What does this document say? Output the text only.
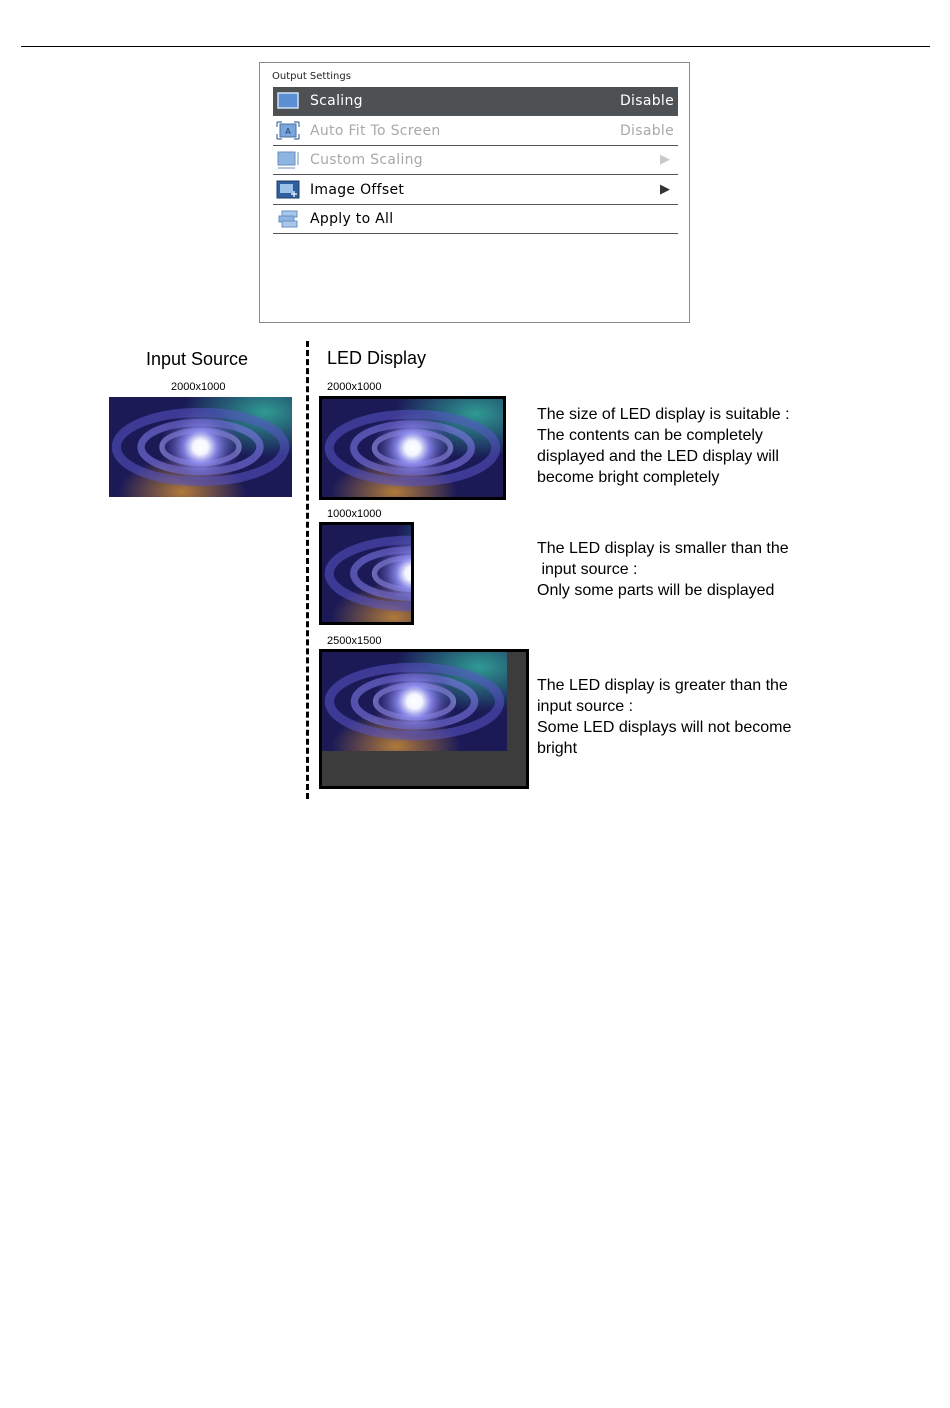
Output Settings
Scaling	Disable
A Auto Fit To Screen	Disable
Custom Scaling	▶
Image Offset	▶
Apply to All
Input Source	LED Display
2000x1000	2000x1000
The size of LED display is suitable :
The contents can be completely
displayed and the LED display will
become bright completely
1000x1000
The LED display is smaller than the
input source :
Only some parts will be displayed
2500x1500
The LED display is greater than the
input source :
Some LED displays will not become
bright
